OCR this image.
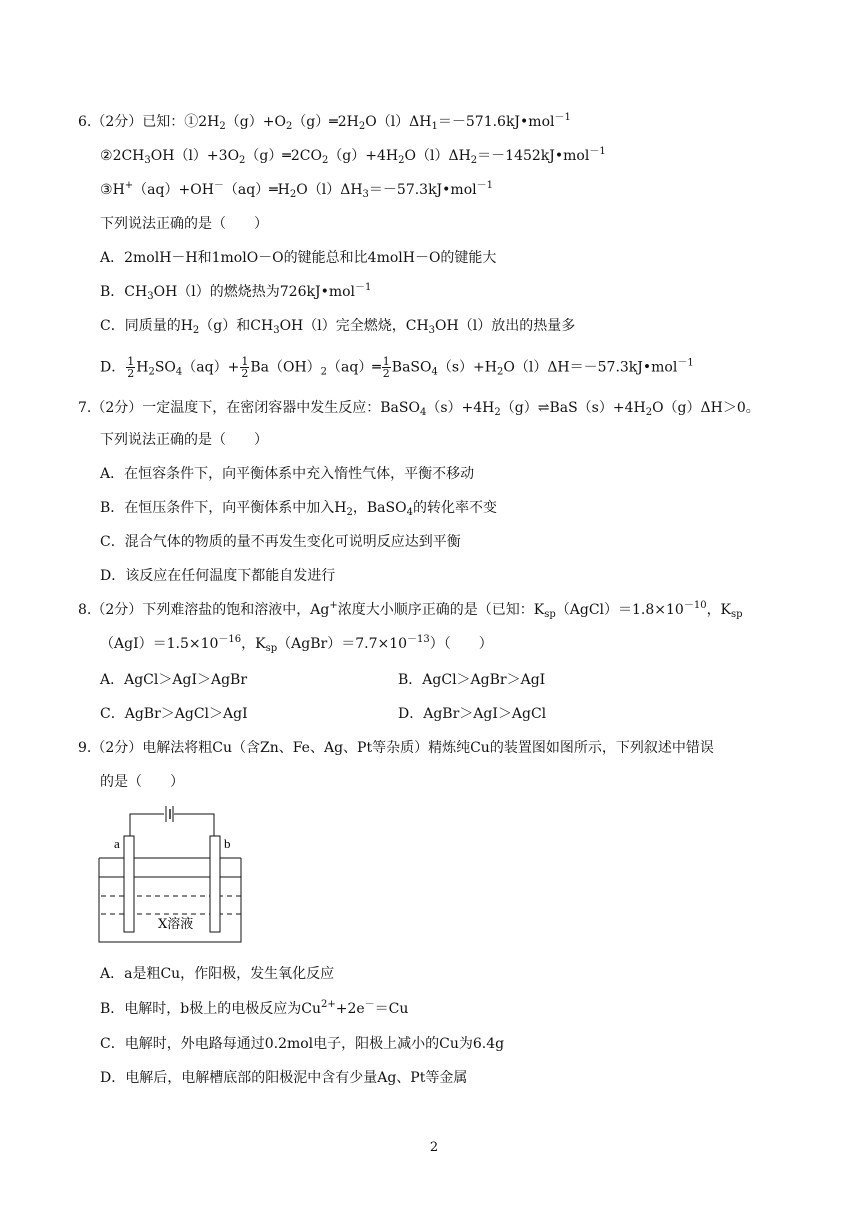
6.（2分）已知：$①2H_2(g)+O_2(g)═2H_2O(l)\Delta H_1=-571.6kJ•mol^{-1}$
$②2CH_3OH(l)+3O_2(g)═2CO_2(g)+4H_2O(l)\Delta H_2=-1452kJ•mol^{-1}$
$③H^+(aq)+OH^-(aq)═H_2O(l)\Delta H_3=-57.3kJ•mol^{-1}$
下列说法正确的是（　　）
A．2molH－H和1molO－O的键能总和比4molH－O的键能大
B．$CH_3OH(l)$的燃烧热为726kJ•mol$^{-1}$
C．同质量的$H_2(g)$和$CH_3OH(l)$完全燃烧，$CH_3OH(l)$放出的热量多
D． $\frac{1}{2} H_2SO_4(aq)+ \frac{1}{2}$ $Ba(OH)_2(aq)═ \frac{1}{2}$ $BaSO_4(s)+H_2O(l)\Delta H=-57.3kJ•mol^{-1}$
7.（2分）一定温度下，在密闭容器中发生反应：$BaSO_4(s)+4H_2(g)\rightleftharpoons BaS(s)+4H_2O(g)\Delta H>0$。
下列说法正确的是（　　）
A．在恒容条件下，向平衡体系中充入惰性气体，平衡不移动
B．在恒压条件下，向平衡体系中加入$H_2$，BaSO$_4$的转化率不变
C．混合气体的物质的量不再发生变化可说明反应达到平衡
D．该反应在任何温度下都能自发进行
8.（2分）下列难溶盐的饱和溶液中，Ag+浓度大小顺序正确的是（已知：$K_{sp}(AgCl)=1.8\times 10^{-10}$，$K_{sp}$
$(AgI)=1.5\times 10^{-16}$，$K_{sp}(AgBr)=7.7\times 10^{-13}$）（　　）
A．AgCl＞AgI＞AgBr	B．AgCl＞AgBr＞AgI
C．AgBr＞AgCl＞AgI	D．AgBr＞AgI＞AgCl
9.（2分）电解法将粗Cu（含Zn、Fe、Ag、Pt等杂质）精炼纯Cu的装置图如图所示，下列叙述中错误
的是（　　）
a	b
X溶液
A．a是粗Cu，作阳极，发生氧化反应
B．电解时，b极上的电极反应为$Cu^{2+}+2e^-=Cu$
C．电解时，外电路每通过0.2mol电子，阳极上减小的Cu为6.4g
D．电解后，电解槽底部的阳极泥中含有少量Ag、Pt等金属
2
